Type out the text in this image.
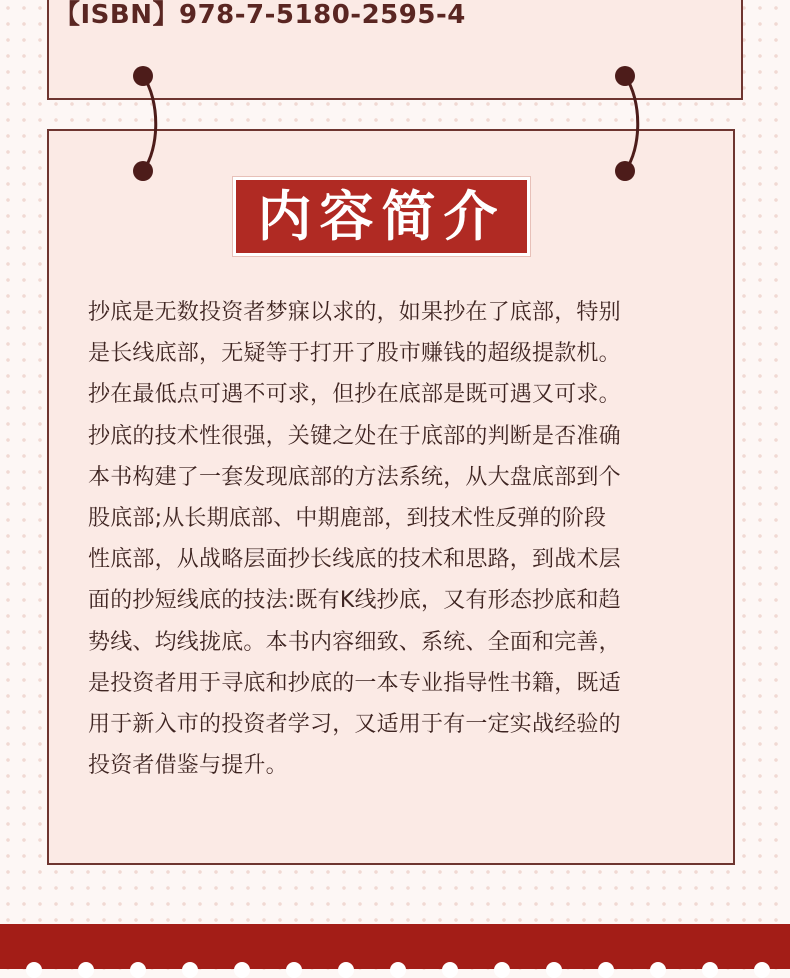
【ISBN】978-7-5180-2595-4
内容简介
抄底是无数投资者梦寐以求的，如果抄在了底部，特别
是长线底部，无疑等于打开了股市赚钱的超级提款机。
抄在最低点可遇不可求，但抄在底部是既可遇又可求。
抄底的技术性很强，关键之处在于底部的判断是否准确
本书构建了一套发现底部的方法系统，从大盘底部到个
股底部;从长期底部、中期鹿部，到技术性反弹的阶段
性底部，从战略层面抄长线底的技术和思路，到战术层
面的抄短线底的技法:既有K线抄底，又有形态抄底和趋
势线、均线拢底。本书内容细致、系统、全面和完善，
是投资者用于寻底和抄底的一本专业指导性书籍，既适
用于新入市的投资者学习，又适用于有一定实战经验的
投资者借鉴与提升。
